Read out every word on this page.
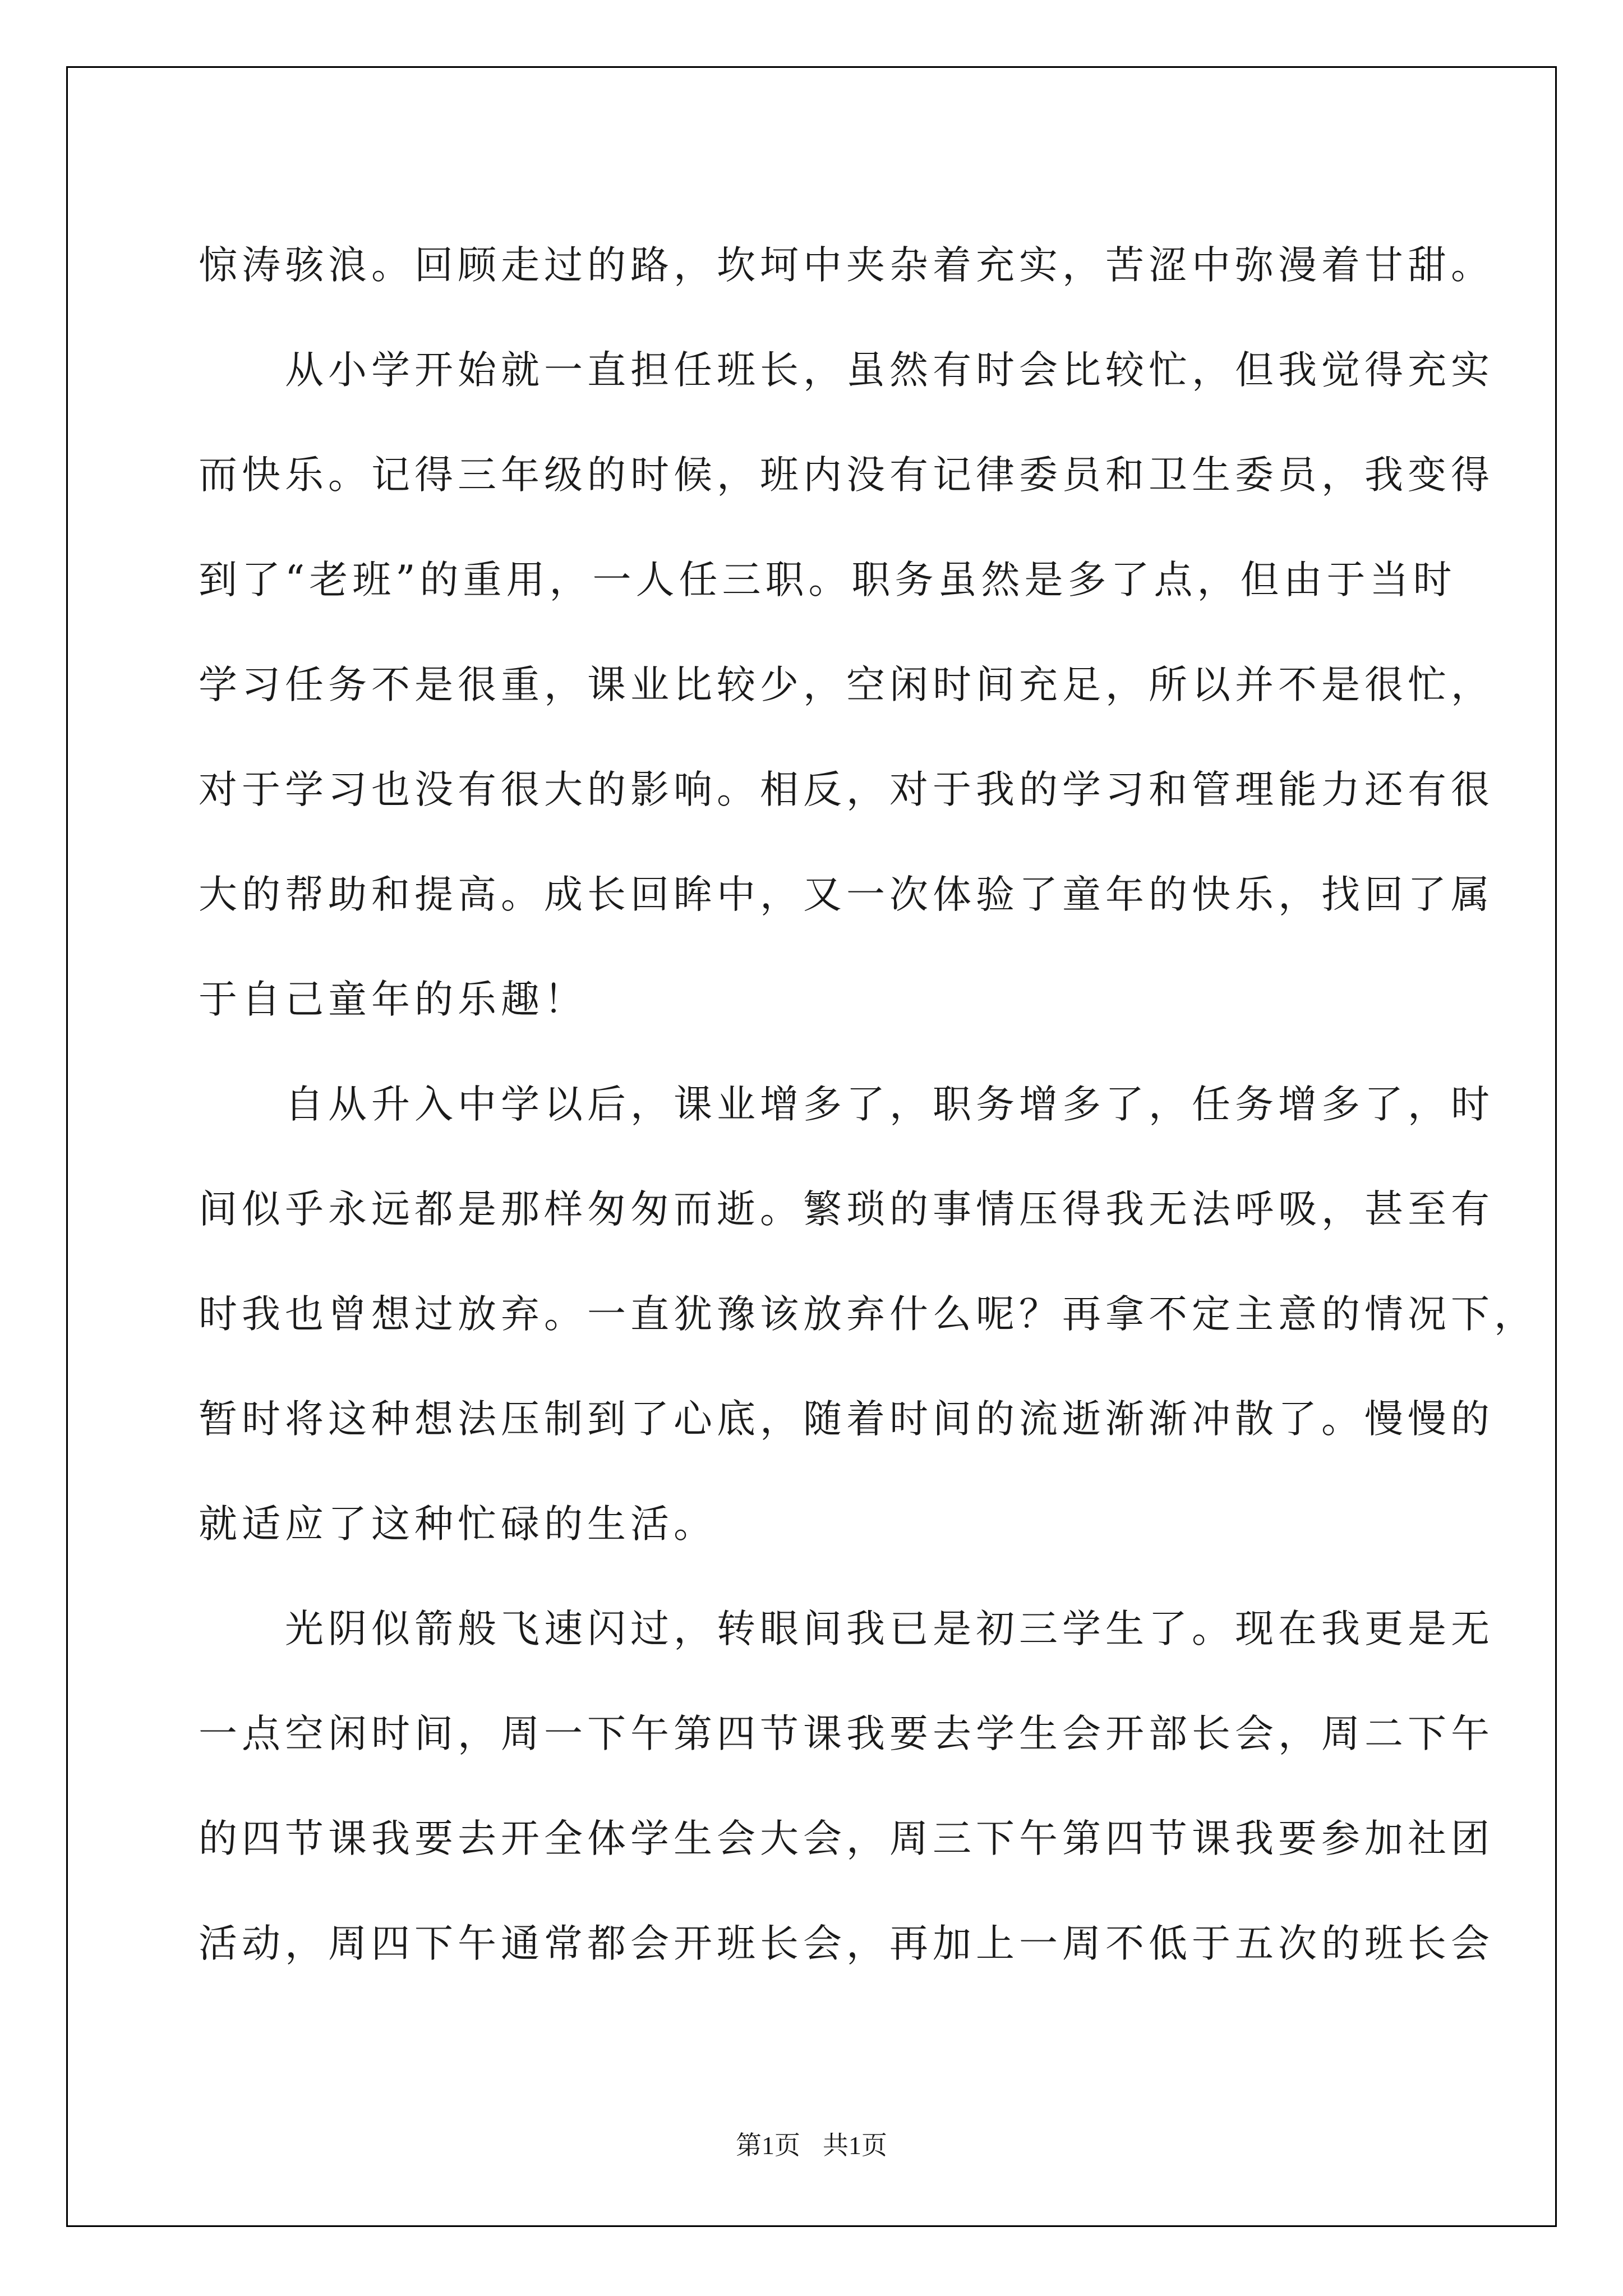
惊涛骇浪。回顾走过的路，坎坷中夹杂着充实，苦涩中弥漫着甘甜。
　　从小学开始就一直担任班长，虽然有时会比较忙，但我觉得充实
而快乐。记得三年级的时候，班内没有记律委员和卫生委员，我变得
到了“老班”的重用，一人任三职。职务虽然是多了点，但由于当时
学习任务不是很重，课业比较少，空闲时间充足，所以并不是很忙，
对于学习也没有很大的影响。相反，对于我的学习和管理能力还有很
大的帮助和提高。成长回眸中，又一次体验了童年的快乐，找回了属
于自己童年的乐趣！
　　自从升入中学以后，课业增多了，职务增多了，任务增多了，时
间似乎永远都是那样匆匆而逝。繁琐的事情压得我无法呼吸，甚至有
时我也曾想过放弃。一直犹豫该放弃什么呢？再拿不定主意的情况下，
暂时将这种想法压制到了心底，随着时间的流逝渐渐冲散了。慢慢的
就适应了这种忙碌的生活。
　　光阴似箭般飞速闪过，转眼间我已是初三学生了。现在我更是无
一点空闲时间，周一下午第四节课我要去学生会开部长会，周二下午
的四节课我要去开全体学生会大会，周三下午第四节课我要参加社团
活动，周四下午通常都会开班长会，再加上一周不低于五次的班长会
第1页 共1页
